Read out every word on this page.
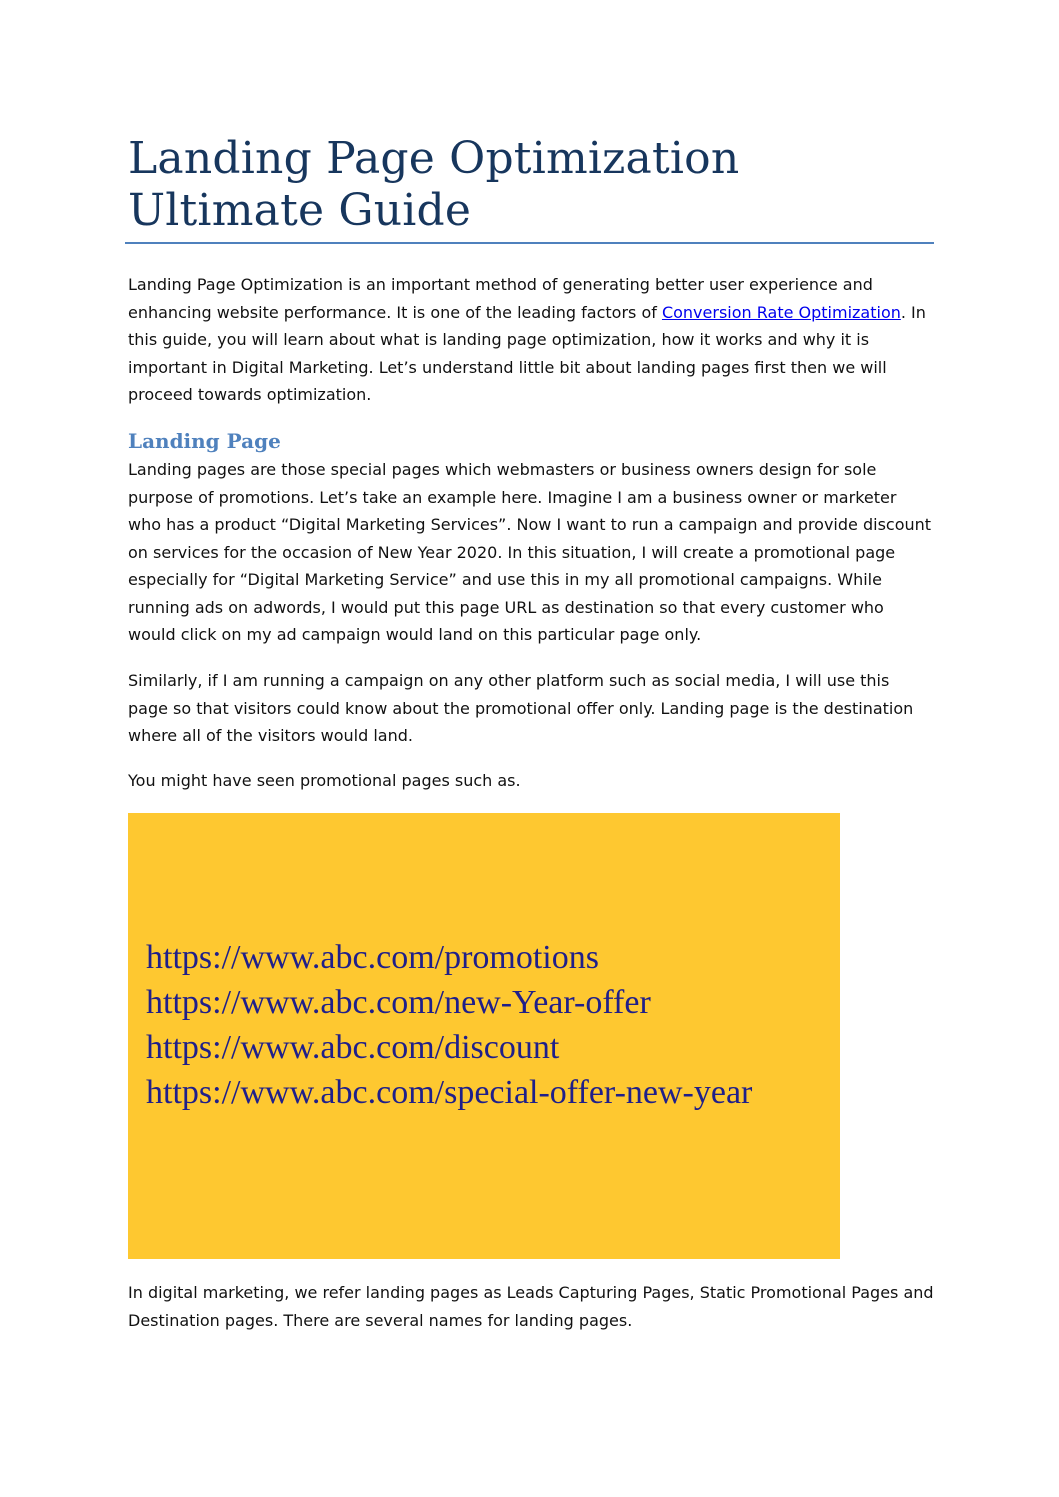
Landing Page Optimization Ultimate Guide

Landing Page Optimization is an important method of generating better user experience and enhancing website performance. It is one of the leading factors of Conversion Rate Optimization. In this guide, you will learn about what is landing page optimization, how it works and why it is important in Digital Marketing. Let’s understand little bit about landing pages first then we will proceed towards optimization.

Landing Page

Landing pages are those special pages which webmasters or business owners design for sole purpose of promotions. Let’s take an example here. Imagine I am a business owner or marketer who has a product “Digital Marketing Services”. Now I want to run a campaign and provide discount on services for the occasion of New Year 2020. In this situation, I will create a promotional page especially for “Digital Marketing Service” and use this in my all promotional campaigns. While running ads on adwords, I would put this page URL as destination so that every customer who would click on my ad campaign would land on this particular page only.

Similarly, if I am running a campaign on any other platform such as social media, I will use this page so that visitors could know about the promotional offer only. Landing page is the destination where all of the visitors would land.

You might have seen promotional pages such as.

https://www.abc.com/promotions
https://www.abc.com/new-Year-offer
https://www.abc.com/discount
https://www.abc.com/special-offer-new-year

In digital marketing, we refer landing pages as Leads Capturing Pages, Static Promotional Pages and Destination pages. There are several names for landing pages.
